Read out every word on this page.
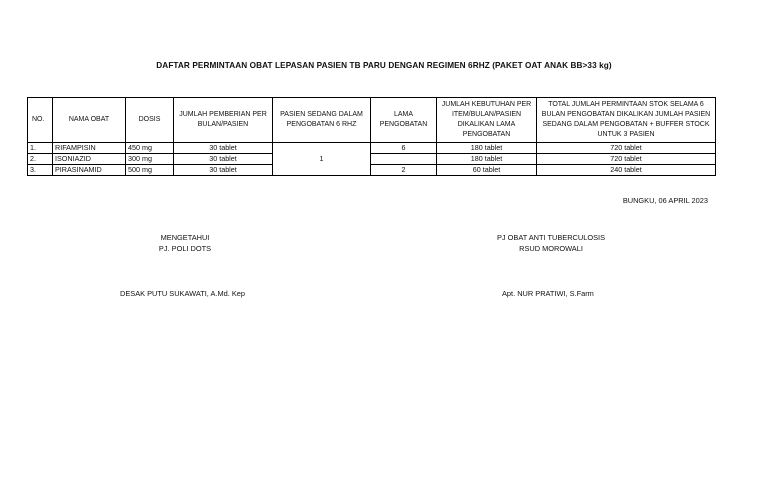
DAFTAR PERMINTAAN OBAT LEPASAN PASIEN TB PARU DENGAN REGIMEN 6RHZ (PAKET OAT ANAK BB>33 kg)
NO.	NAMA OBAT	DOSIS	JUMLAH PEMBERIAN PER BULAN/PASIEN	PASIEN SEDANG DALAM PENGOBATAN 6 RHZ	LAMA PENGOBATAN	JUMLAH KEBUTUHAN PER ITEM/BULAN/PASIEN DIKALIKAN LAMA PENGOBATAN	TOTAL JUMLAH PERMINTAAN STOK SELAMA 6 BULAN PENGOBATAN DIKALIKAN JUMLAH PASIEN SEDANG DALAM PENGOBATAN + BUFFER STOCK UNTUK 3 PASIEN
1.	RIFAMPISIN	450 mg	30 tablet	1	6	180 tablet	720 tablet
2.	ISONIAZID	300 mg	30 tablet			180 tablet	720 tablet
3.	PIRASINAMID	500 mg	30 tablet		2	60 tablet	240 tablet
BUNGKU, 06 APRIL 2023
MENGETAHUI
PJ. POLI DOTS
PJ OBAT ANTI TUBERCULOSIS
RSUD MOROWALI
DESAK PUTU SUKAWATI, A.Md. Kep	Apt. NUR PRATIWI, S.Farm
